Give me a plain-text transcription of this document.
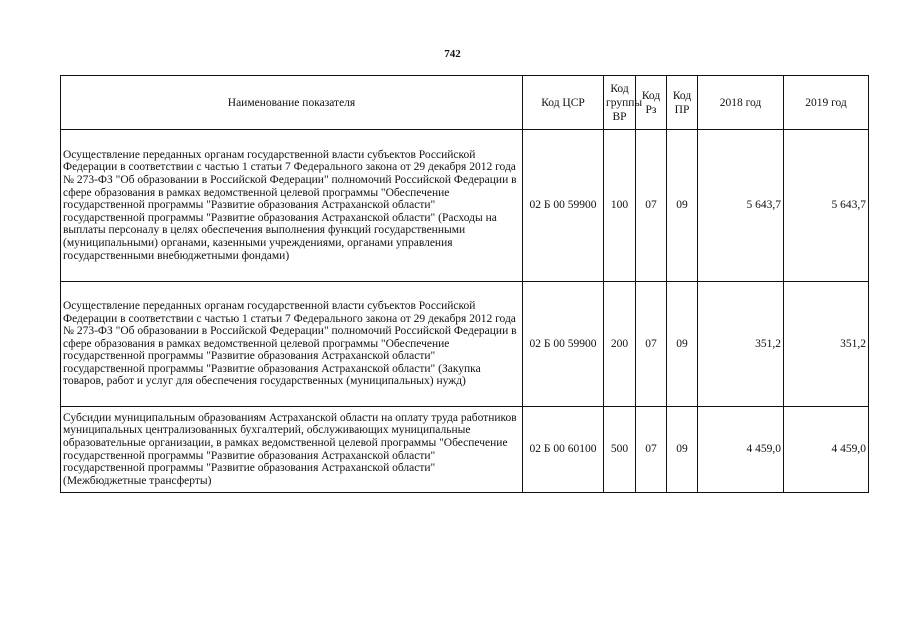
742
Наименование показателя	Код ЦСР	Код группы ВР	Код Рз	Код ПР	2018 год	2019 год
Осуществление переданных органам государственной власти субъектов Российской Федерации в соответствии с частью 1 статьи 7 Федерального закона от 29 декабря 2012 года № 273-ФЗ "Об образовании в Российской Федерации" полномочий Российской Федерации в сфере образования в рамках ведомственной целевой программы "Обеспечение государственной программы "Развитие образования Астраханской области" государственной программы "Развитие образования Астраханской области" (Расходы на выплаты персоналу в целях обеспечения выполнения функций государственными (муниципальными) органами, казенными учреждениями, органами управления государственными внебюджетными фондами)	02 Б 00 59900	100	07	09	5 643,7	5 643,7
Осуществление переданных органам государственной власти субъектов Российской Федерации в соответствии с частью 1 статьи 7 Федерального закона от 29 декабря 2012 года № 273-ФЗ "Об образовании в Российской Федерации" полномочий Российской Федерации в сфере образования в рамках ведомственной целевой программы "Обеспечение государственной программы "Развитие образования Астраханской области" государственной программы "Развитие образования Астраханской области" (Закупка товаров, работ и услуг для обеспечения государственных (муниципальных) нужд)	02 Б 00 59900	200	07	09	351,2	351,2
Субсидии муниципальным образованиям Астраханской области на оплату труда работников муниципальных централизованных бухгалтерий, обслуживающих муниципальные образовательные организации, в рамках ведомственной целевой программы "Обеспечение государственной программы "Развитие образования Астраханской области" государственной программы "Развитие образования Астраханской области" (Межбюджетные трансферты)	02 Б 00 60100	500	07	09	4 459,0	4 459,0
